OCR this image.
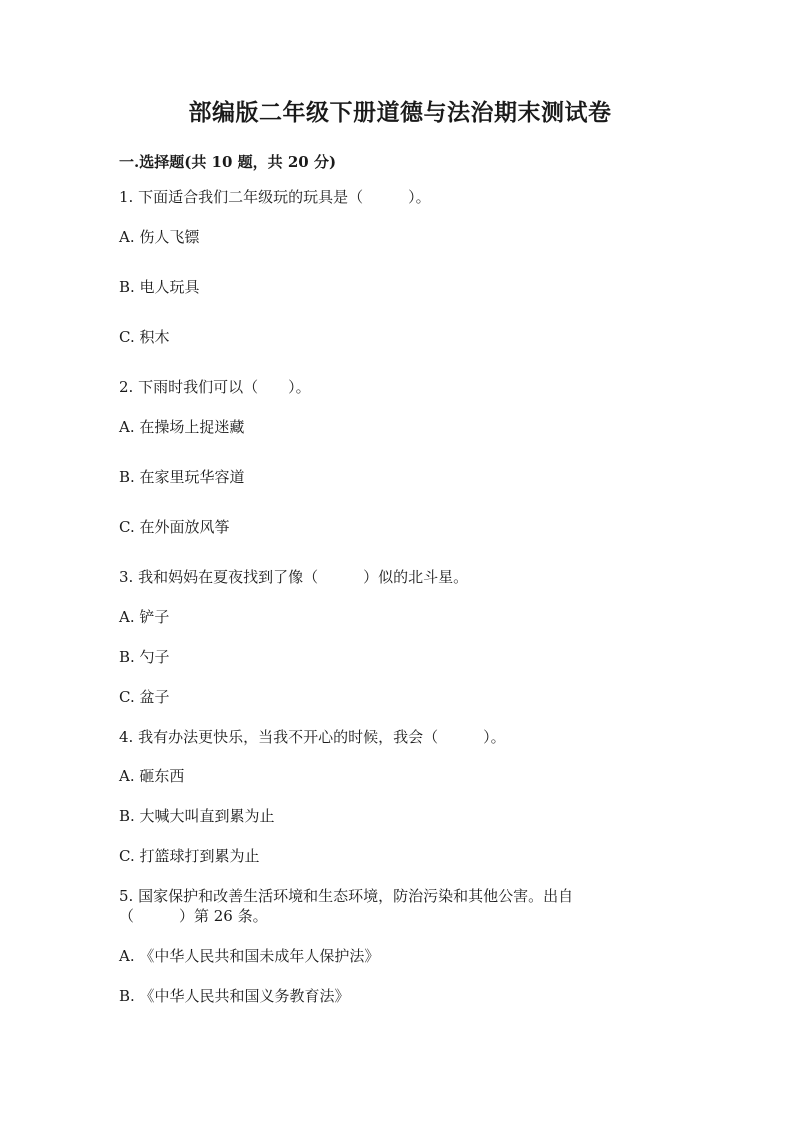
部编版二年级下册道德与法治期末测试卷
一.选择题(共 10 题，共 20 分)
1. 下面适合我们二年级玩的玩具是（　　　）。
A. 伤人飞镖
B. 电人玩具
C. 积木
2. 下雨时我们可以（　　）。
A. 在操场上捉迷藏
B. 在家里玩华容道
C. 在外面放风筝
3. 我和妈妈在夏夜找到了像（　　　）似的北斗星。
A. 铲子
B. 勺子
C. 盆子
4. 我有办法更快乐，当我不开心的时候，我会（　　　）。
A. 砸东西
B. 大喊大叫直到累为止
C. 打篮球打到累为止
5. 国家保护和改善生活环境和生态环境，防治污染和其他公害。出自
（　　　）第 26 条。
A. 《中华人民共和国未成年人保护法》
B. 《中华人民共和国义务教育法》
